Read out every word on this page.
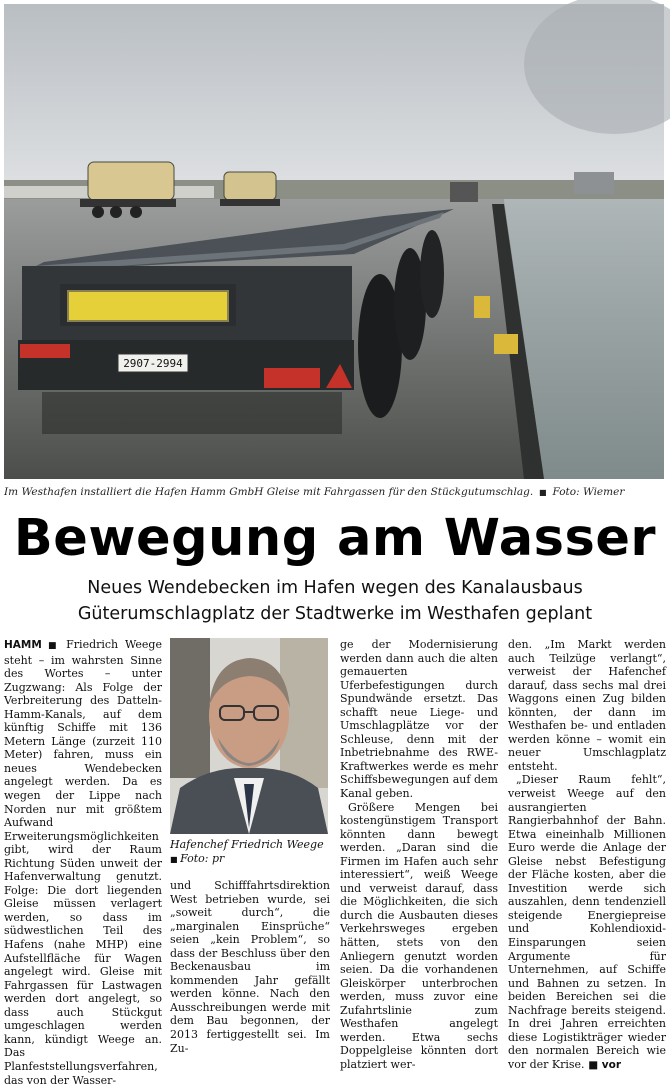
2907-2994
Im Westhafen installiert die Hafen Hamm GmbH Gleise mit Fahrgassen für den Stückgutumschlag.  ■  Foto: Wiemer
Bewegung am Wasser
Neues Wendebecken im Hafen wegen des Kanalausbaus
Güterumschlagplatz der Stadtwerke im Westhafen geplant

HAMM ■ Friedrich Weege steht – im wahrsten Sinne des Wortes – unter Zugzwang: Als Folge der Verbreiterung des Datteln-Hamm-Kanals, auf dem künftig Schiffe mit 136 Metern Länge (zurzeit 110 Meter) fahren, muss ein neues Wendebecken angelegt werden. Da es wegen der Lippe nach Norden nur mit größtem Aufwand Erweiterungsmöglichkeiten gibt, wird der Raum Richtung Süden unweit der Hafenverwaltung genutzt. Folge: Die dort liegenden Gleise müssen verlagert werden, so dass im südwestlichen Teil des Hafens (nahe MHP) eine Aufstellfläche für Wagen angelegt wird. Gleise mit Fahrgassen für Lastwagen werden dort angelegt, so dass auch Stückgut umgeschlagen werden kann, kündigt Weege an. Das Planfeststellungsverfahren, das von der Wasser-

Hafenchef Friedrich Weege
■ Foto: pr

und Schifffahrtsdirektion West betrieben wurde, sei „soweit durch“, die „marginalen Einsprüche“ seien „kein Problem“, so dass der Beschluss über den Beckenausbau im kommenden Jahr gefällt werden könne. Nach den Ausschreibungen werde mit dem Bau begonnen, der 2013 fertiggestellt sei. Im Zu-

ge der Modernisierung werden dann auch die alten gemauerten Uferbefestigungen durch Spundwände ersetzt. Das schafft neue Liege- und Umschlagplätze vor der Schleuse, denn mit der Inbetriebnahme des RWE-Kraftwerkes werde es mehr Schiffsbewegungen auf dem Kanal geben.

Größere Mengen bei kostengünstigem Transport könnten dann bewegt werden. „Daran sind die Firmen im Hafen auch sehr interessiert“, weiß Weege und verweist darauf, dass die Möglichkeiten, die sich durch die Ausbauten dieses Verkehrsweges ergeben hätten, stets von den Anliegern genutzt worden seien. Da die vorhandenen Gleiskörper unterbrochen werden, muss zuvor eine Zufahrtslinie zum Westhafen angelegt werden. Etwa sechs Doppelgleise könnten dort platziert wer-

den. „Im Markt werden auch Teilzüge verlangt“, verweist der Hafenchef darauf, dass sechs mal drei Waggons einen Zug bilden könnten, der dann im Westhafen be- und entladen werden könne – womit ein neuer Umschlagplatz entsteht.

„Dieser Raum fehlt“, verweist Weege auf den ausrangierten Rangierbahnhof der Bahn. Etwa eineinhalb Millionen Euro werde die Anlage der Gleise nebst Befestigung der Fläche kosten, aber die Investition werde sich auszahlen, denn tendenziell steigende Energiepreise und Kohlendioxid-Einsparungen seien Argumente für Unternehmen, auf Schiffe und Bahnen zu setzen. In beiden Bereichen sei die Nachfrage bereits steigend. In drei Jahren erreichten diese Logistikträger wieder den normalen Bereich wie vor der Krise. ■ vor
